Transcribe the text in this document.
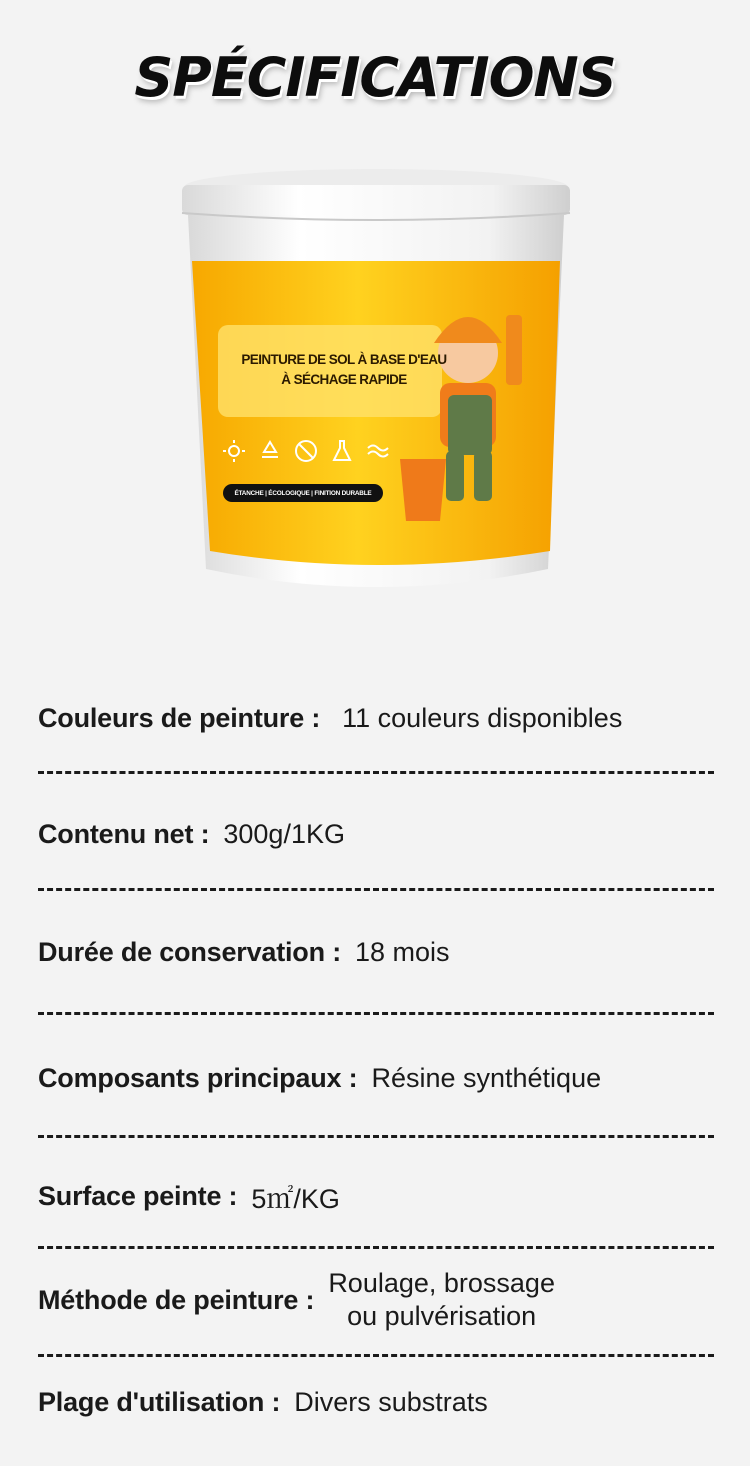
SPÉCIFICATIONS
PEINTURE DE SOL À BASE D'EAU
À SÉCHAGE RAPIDE
ÉTANCHE | ÉCOLOGIQUE | FINITION DURABLE
Couleurs de peinture : 11 couleurs disponibles
Contenu net : 300g/1KG
Durée de conservation : 18 mois
Composants principaux : Résine synthétique
Surface peinte : 5㎡/KG
Méthode de peinture :
Roulage, brossage
ou pulvérisation
Plage d'utilisation : Divers substrats
